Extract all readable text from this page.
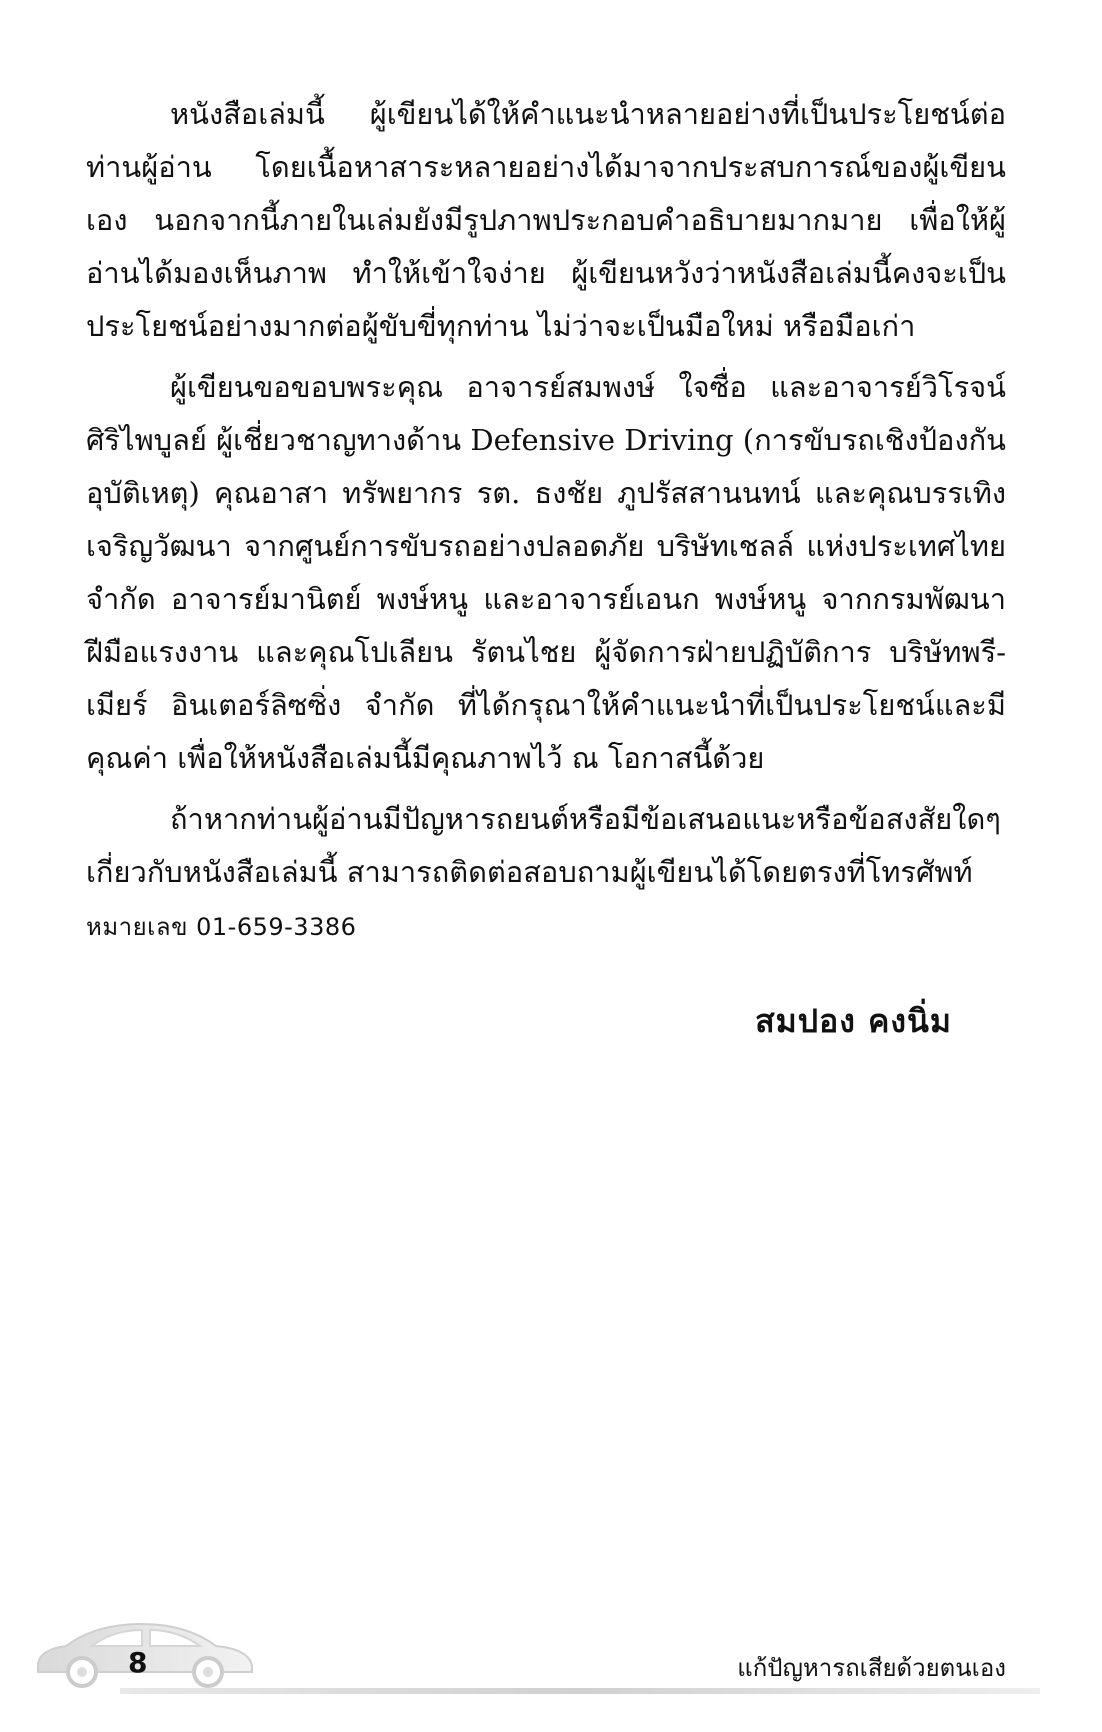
หนังสือเล่มนี้ ผู้เขียนได้ให้คำแนะนำหลายอย่างที่เป็นประโยชน์ต่อท่านผู้อ่าน โดยเนื้อหาสาระหลายอย่างได้มาจากประสบการณ์ของผู้เขียนเอง นอกจากนี้ภายในเล่มยังมีรูปภาพประกอบคำอธิบายมากมาย เพื่อให้ผู้อ่านได้มองเห็นภาพ ทำให้เข้าใจง่าย ผู้เขียนหวังว่าหนังสือเล่มนี้คงจะเป็นประโยชน์อย่างมากต่อผู้ขับขี่ทุกท่าน ไม่ว่าจะเป็นมือใหม่ หรือมือเก่า

ผู้เขียนขอขอบพระคุณ อาจารย์สมพงษ์ ใจซื่อ และอาจารย์วิโรจน์ ศิริไพบูลย์ ผู้เชี่ยวชาญทางด้าน Defensive Driving (การขับรถเชิงป้องกันอุบัติเหตุ) คุณอาสา ทรัพยากร รต. ธงชัย ภูปรัสสานนทน์ และคุณบรรเทิง เจริญวัฒนา จากศูนย์การขับรถอย่างปลอดภัย บริษัทเชลล์ แห่งประเทศไทย จำกัด อาจารย์มานิตย์ พงษ์หนู และอาจารย์เอนก พงษ์หนู จากกรมพัฒนาฝีมือแรงงาน และคุณโปเลียน รัตนไชย ผู้จัดการฝ่ายปฏิบัติการ บริษัทพรี-เมียร์ อินเตอร์ลิซซิ่ง จำกัด ที่ได้กรุณาให้คำแนะนำที่เป็นประโยชน์และมีคุณค่า เพื่อให้หนังสือเล่มนี้มีคุณภาพไว้ ณ โอกาสนี้ด้วย

ถ้าหากท่านผู้อ่านมีปัญหารถยนต์หรือมีข้อเสนอแนะหรือข้อสงสัยใดๆ เกี่ยวกับหนังสือเล่มนี้ สามารถติดต่อสอบถามผู้เขียนได้โดยตรงที่โทรศัพท์

หมายเลข 01-659-3386
สมปอง คงนิ่ม
8	แก้ปัญหารถเสียด้วยตนเอง
